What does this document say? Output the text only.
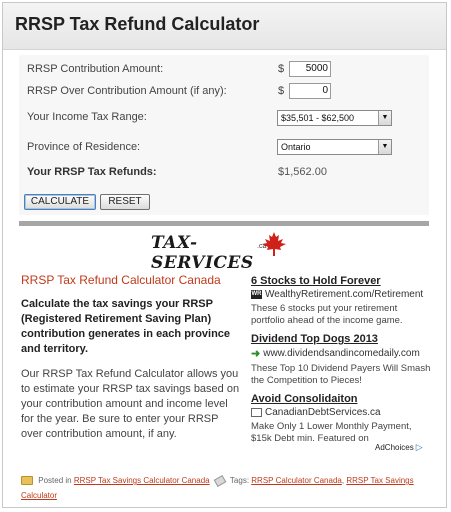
RRSP Tax Refund Calculator
RRSP Contribution Amount:	$	5000
RRSP Over Contribution Amount (if any):	$	0
Your Income Tax Range:	$35,501 - $62,500	▼
Province of Residence:	Ontario	▼
Your RRSP Tax Refunds:	$1,562.00
CALCULATE	RESET
TAX-SERVICES
.ca
RRSP Tax Refund Calculator Canada

Calculate the tax savings your RRSP (Registered Retirement Saving Plan) contribution generates in each province and territory.

Our RRSP Tax Refund Calculator allows you to estimate your RRSP tax savings based on your contribution amount and income level for the year. Be sure to enter your RRSP over contribution amount, if any.

6 Stocks to Hold Forever

WR WealthyRetirement.com/Retirement

These 6 stocks put your retirement portfolio ahead of the income game.

Dividend Top Dogs 2013

➜ www.dividendsandincomedaily.com

These Top 10 Dividend Payers Will Smash the Competition to Pieces!

Avoid Consolidaiton

CanadianDebtServices.ca

Make Only 1 Lower Monthly Payment, $15k Debt min. Featured on

AdChoices ▷
Posted in RRSP Tax Savings Calculator Canada	Tags: RRSP Calculator Canada, RRSP Tax Savings Calculator
